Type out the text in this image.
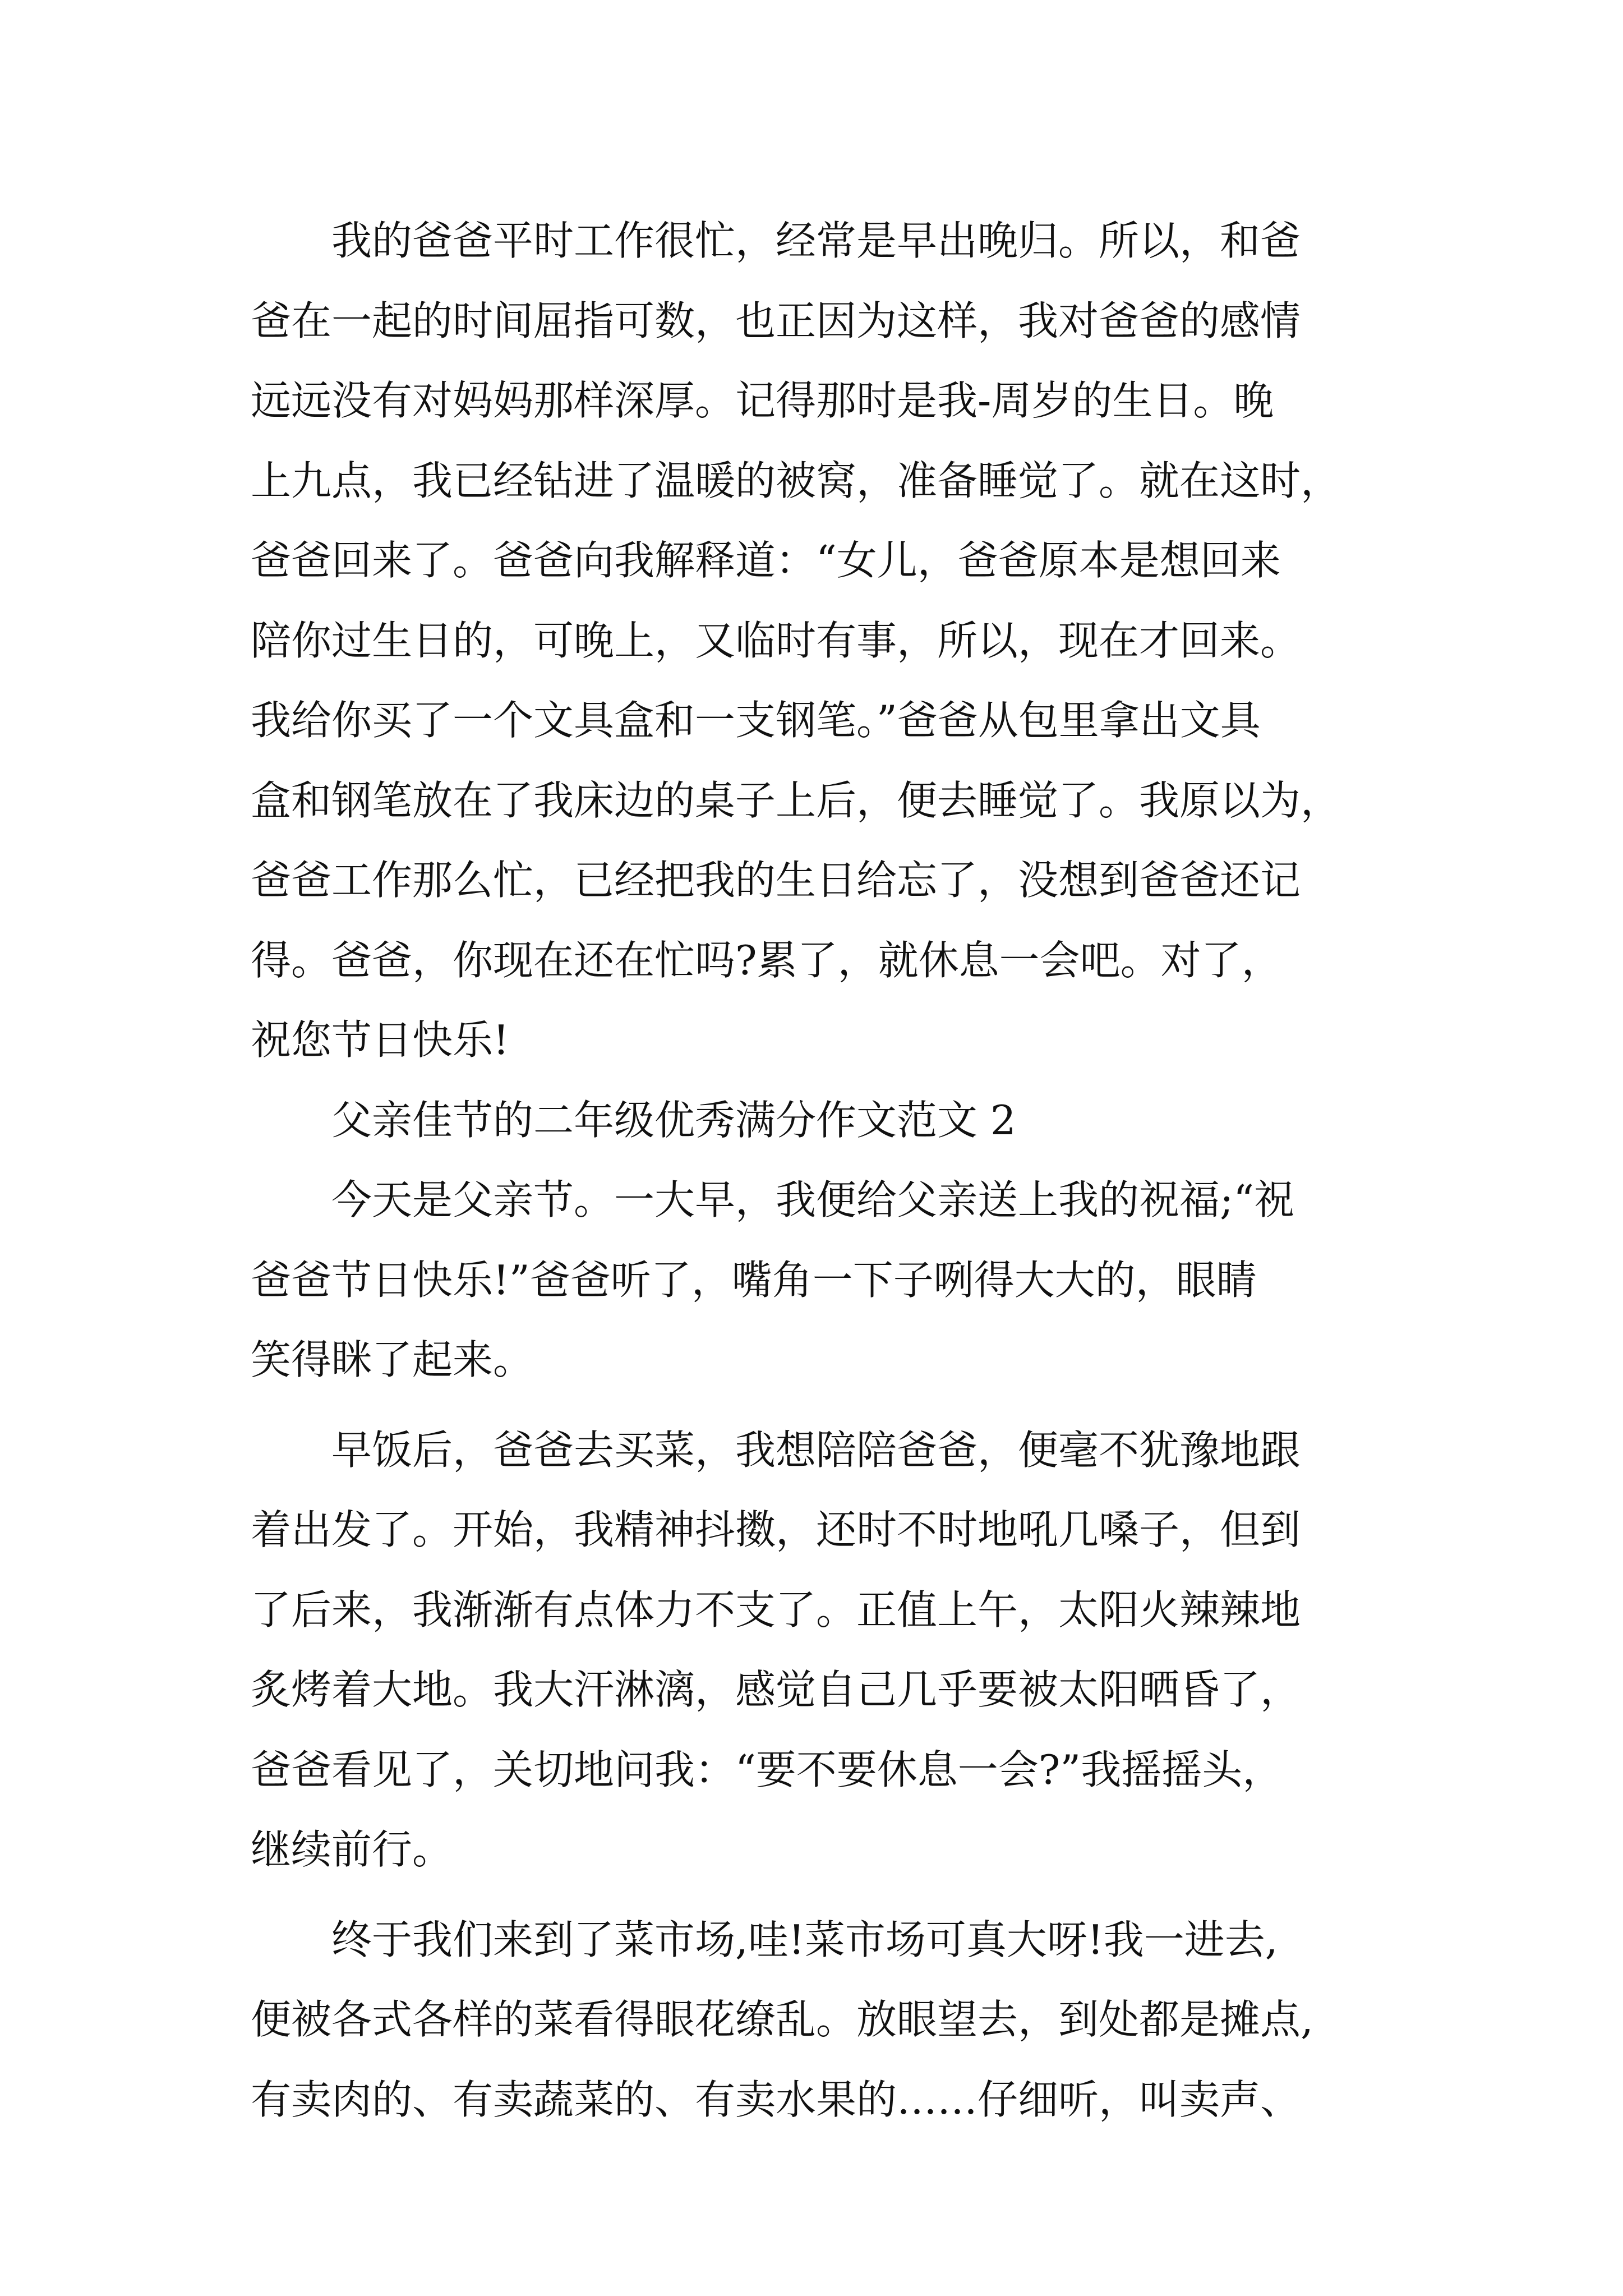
我的爸爸平时工作很忙，经常是早出晚归。所以，和爸
爸在一起的时间屈指可数，也正因为这样，我对爸爸的感情
远远没有对妈妈那样深厚。记得那时是我-周岁的生日。晚
上九点，我已经钻进了温暖的被窝，准备睡觉了。就在这时，
爸爸回来了。爸爸向我解释道：“女儿，爸爸原本是想回来
陪你过生日的，可晚上，又临时有事，所以，现在才回来。
我给你买了一个文具盒和一支钢笔。”爸爸从包里拿出文具
盒和钢笔放在了我床边的桌子上后，便去睡觉了。我原以为，
爸爸工作那么忙，已经把我的生日给忘了，没想到爸爸还记
得。爸爸，你现在还在忙吗?累了，就休息一会吧。对了，
祝您节日快乐!

父亲佳节的二年级优秀满分作文范文 2

今天是父亲节。一大早，我便给父亲送上我的祝福;“祝
爸爸节日快乐!”爸爸听了，嘴角一下子咧得大大的，眼睛
笑得眯了起来。

早饭后，爸爸去买菜，我想陪陪爸爸，便毫不犹豫地跟
着出发了。开始，我精神抖擞，还时不时地吼几嗓子，但到
了后来，我渐渐有点体力不支了。正值上午，太阳火辣辣地
炙烤着大地。我大汗淋漓，感觉自己几乎要被太阳晒昏了，
爸爸看见了，关切地问我：“要不要休息一会?”我摇摇头，
继续前行。

终于我们来到了菜市场,哇!菜市场可真大呀!我一进去,
便被各式各样的菜看得眼花缭乱。放眼望去，到处都是摊点,
有卖肉的、有卖蔬菜的、有卖水果的……仔细听，叫卖声、
